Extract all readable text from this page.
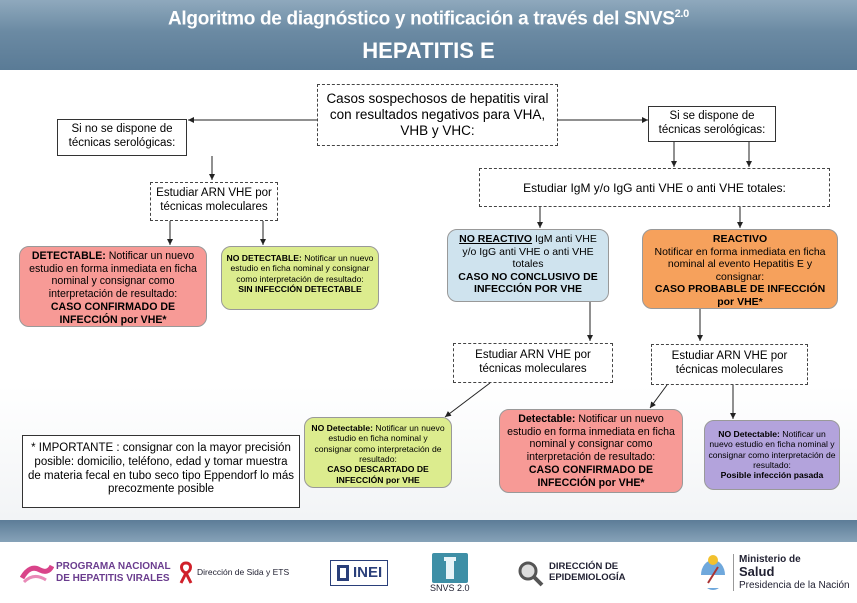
Algoritmo de diagnóstico y notificación a través del $SNVS^{2.0}$
HEPATITIS E
Casos sospechosos de hepatitis viral con resultados negativos para VHA, VHB y VHC:
Si no se dispone de técnicas serológicas:
Si se dispone de técnicas serológicas:
Estudiar ARN VHE por técnicas moleculares
Estudiar IgM y/o IgG anti VHE o anti VHE totales:
DETECTABLE: Notificar un nuevo estudio en forma inmediata en ficha nominal y consignar como interpretación de resultado:
CASO CONFIRMADO DE INFECCIÓN por VHE*
NO DETECTABLE: Notificar un nuevo estudio en ficha nominal y consignar como interpretación de resultado:
SIN INFECCIÓN DETECTABLE
NO REACTIVO IgM anti VHE y/o IgG anti VHE o anti VHE totales
CASO NO CONCLUSIVO DE INFECCIÓN POR VHE
REACTIVO
Notificar en forma inmediata en ficha nominal al evento Hepatitis E y consignar:
CASO PROBABLE DE INFECCIÓN por VHE*
Estudiar ARN VHE por técnicas moleculares
Estudiar ARN VHE por técnicas moleculares
NO Detectable: Notificar un nuevo estudio en ficha nominal y consignar como interpretación de resultado:
CASO DESCARTADO DE INFECCIÓN por VHE
Detectable: Notificar un nuevo estudio en forma inmediata en ficha nominal y consignar como interpretación de resultado:
CASO CONFIRMADO DE INFECCIÓN por VHE*
NO Detectable: Notificar un nuevo estudio en ficha nominal y consignar como interpretación de resultado:
Posible infección pasada
* IMPORTANTE : consignar con la mayor precisión posible: domicilio, teléfono, edad y tomar muestra de materia fecal en tubo seco tipo Eppendorf lo más precozmente posible
PROGRAMA NACIONAL
DE HEPATITIS VIRALES
Dirección de Sida y ETS	INEI
SNVS 2.0
DIRECCIÓN DE
EPIDEMIOLOGÍA
Ministerio de
Salud
Presidencia de la Nación
